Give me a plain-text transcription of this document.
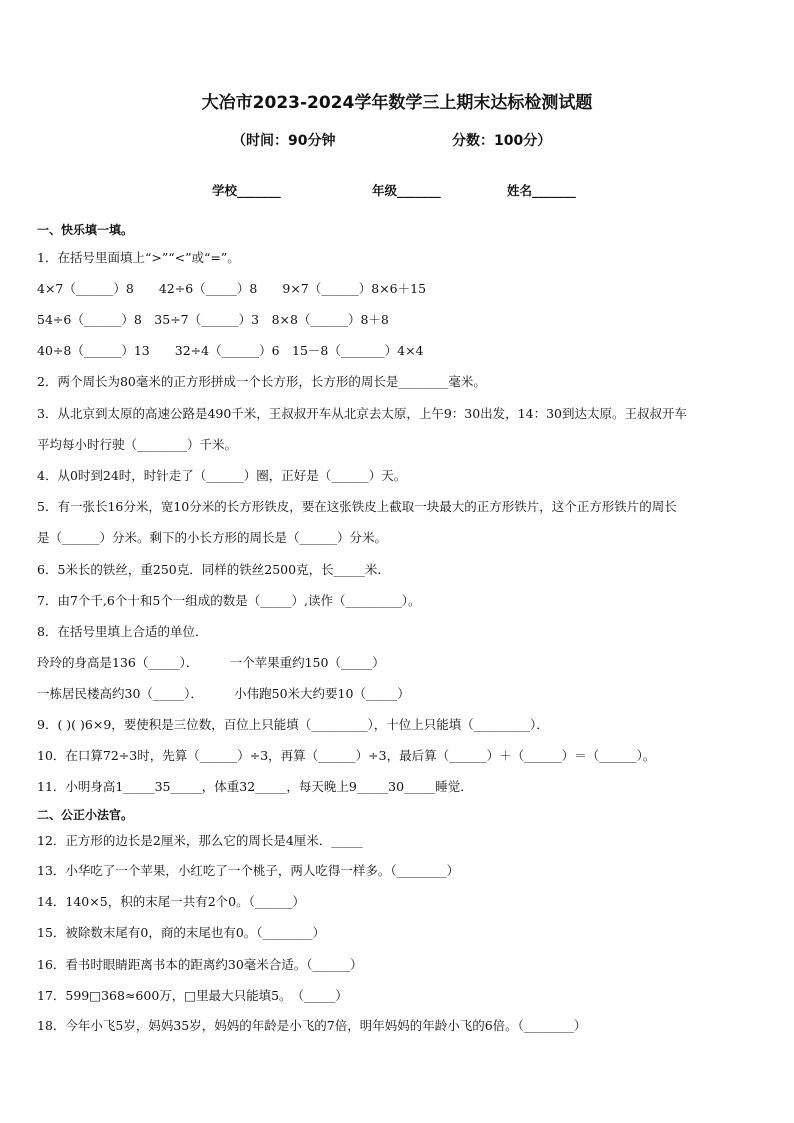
大冶市2023-2024学年数学三上期末达标检测试题
（时间：90分钟	分数：100分）
学校_______	年级_______	姓名_______
一、快乐填一填。
1．在括号里面填上“>”“<”或“=”。
4×7（______）8　　42÷6（_____）8　　9×7（______）8×6＋15
54÷6（______）8　35÷7（______）3　8×8（______）8＋8
40÷8（______）13　　32÷4（______）6　15－8（_______）4×4
2．两个周长为80毫米的正方形拼成一个长方形，长方形的周长是________毫米。
3．从北京到太原的高速公路是490千米，王叔叔开车从北京去太原，上午9：30出发，14：30到达太原。王叔叔开车
平均每小时行驶（________）千米。
4．从0时到24时，时针走了（______）圈，正好是（______）天。
5．有一张长16分米，宽10分米的长方形铁皮，要在这张铁皮上截取一块最大的正方形铁片，这个正方形铁片的周长
是（______）分米。剩下的小长方形的周长是（______）分米。
6．5米长的铁丝，重250克．同样的铁丝2500克，长_____米．
7．由7个千,6个十和5个一组成的数是（_____）,读作（_________）。
8．在括号里填上合适的单位．
玲玲的身高是136（_____）．　　　一个苹果重约150（_____）
一栋居民楼高约30（_____）．　　　小伟跑50米大约要10（_____）
9．( )( )6×9，要使积是三位数，百位上只能填（_________），十位上只能填（_________）．
10．在口算72÷3时，先算（______）÷3，再算（______）÷3，最后算（______）＋（______）＝（______）。
11．小明身高1_____35_____，体重32_____，每天晚上9_____30_____睡觉．
二、公正小法官。
12．正方形的边长是2厘米，那么它的周长是4厘米．_____
13．小华吃了一个苹果，小红吃了一个桃子，两人吃得一样多。（________）
14．140×5，积的末尾一共有2个0。（______）
15．被除数末尾有0，商的末尾也有0。（________）
16．看书时眼睛距离书本的距离约30毫米合适。（______）
17．599□368≈600万，□里最大只能填5。　（_____）
18．今年小飞5岁，妈妈35岁，妈妈的年龄是小飞的7倍，明年妈妈的年龄小飞的6倍。（________）
